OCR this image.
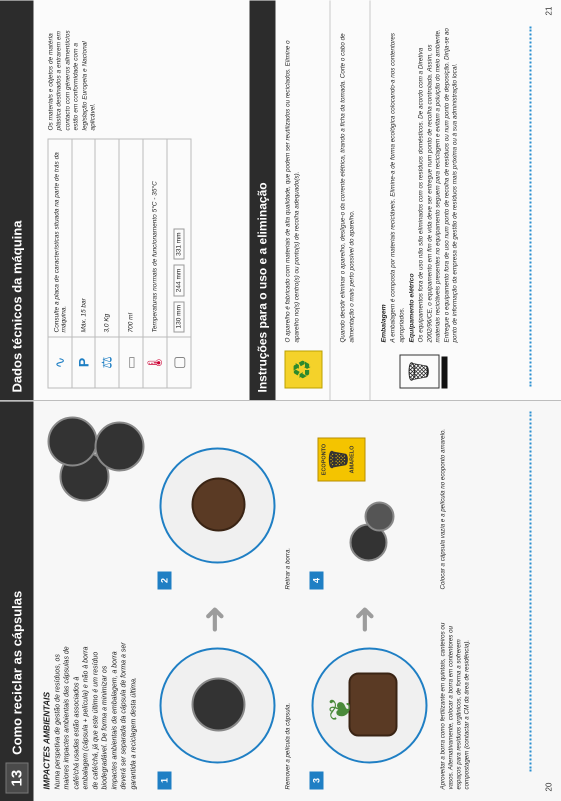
Dados técnicos da máquina
21
∿	Consulte a placa de características situada na parte de trás da máquina.
P	Máx. 15 bar
⚖	3,0 Kg
▭	700 ml
🌡	Temperaturas normais de funcionamento 5°C - 35°C
▢	130 mm 244 mm 331 mm
Os materiais e objetos de matéria plástica destinados a entrarem em contacto com géneros alimentícios estão em conformidade com a legislação Europeia e Nacional aplicável.
Instruções para o uso e a eliminação ♻
O aparelho é fabricado com materiais de alta qualidade, que podem ser reutilizados ou reciclados. Elimine o aparelho no(s) centro(s) ou ponto(s) de recolha adequado(s).	Quando decidir eliminar o aparelho, desligue-o da corrente elétrica, tirando a ficha da tomada. Corte o cabo de alimentação o mais perto possível do aparelho.
🗑
Embalagem A embalagem é composta por materiais recicláveis. Elimine-a de forma ecológica colocando-a nos contentores apropriados. Equipamento elétrico Os equipamentos fora de uso não são eliminados com os resíduos domésticos. De acordo com a Diretiva 2002/96/CE, o equipamento em fim de vida deve ser entregue num ponto de recolha controlada. Assim, os materiais recicláveis presentes no equipamento seguem para reciclagem e evitam a poluição do meio ambiente. Entregue o equipamento fora de uso num ponto de recolha de resíduos ou num ponto de deposição. Dirija-se ao ponto de informação da empresa de gestão de resíduos mais próxima ou à sua administração local.
13
Como reciclar as cápsulas
20
IMPACTES AMBIENTAIS Numa perspetiva de gestão de resíduos, os maiores impactes ambientais das cápsulas de café/chá usadas estão associados à embalagem (cápsula + película) e não à borra de café/chá, já que este último é um resíduo biodegradável. De forma a minimizar os impactes ambientais da embalagem, a borra deverá ser separada da cápsula de forma a ser garantida a reciclagem desta última.	1	Remover a película da cápsula.
➜
2	Retirar a borra.
3
❦	Aproveitar a borra como fertilizante em quintais, canteiros ou vasos. Alternativamente, colocar a borra em contentores ou espaços para resíduos orgânicos, de forma a sofrerem compostagem (contactar a CM da área de residência).
➜
4
ECOPONTO 🗑 AMARELO	Colocar a cápsula vazia e a película no ecoponto amarelo.
